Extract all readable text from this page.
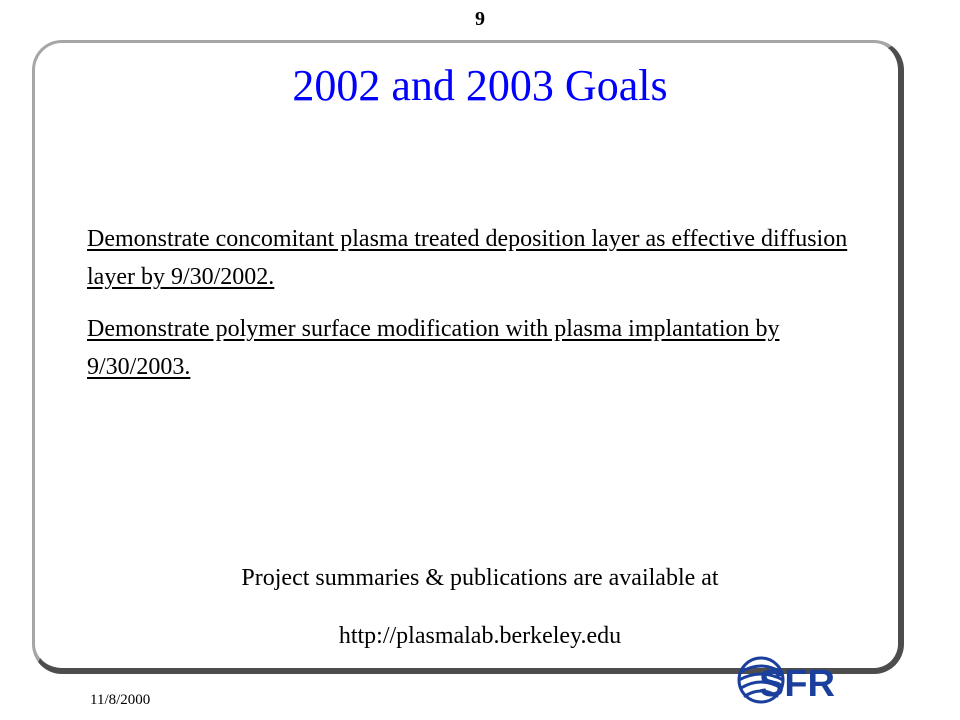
9
2002 and 2003 Goals

Demonstrate concomitant plasma treated deposition layer as effective diffusion layer by 9/30/2002.

Demonstrate polymer surface modification with plasma implantation by 9/30/2003.

Project summaries & publications are available at
http://plasmalab.berkeley.edu
11/8/2000	SFR
